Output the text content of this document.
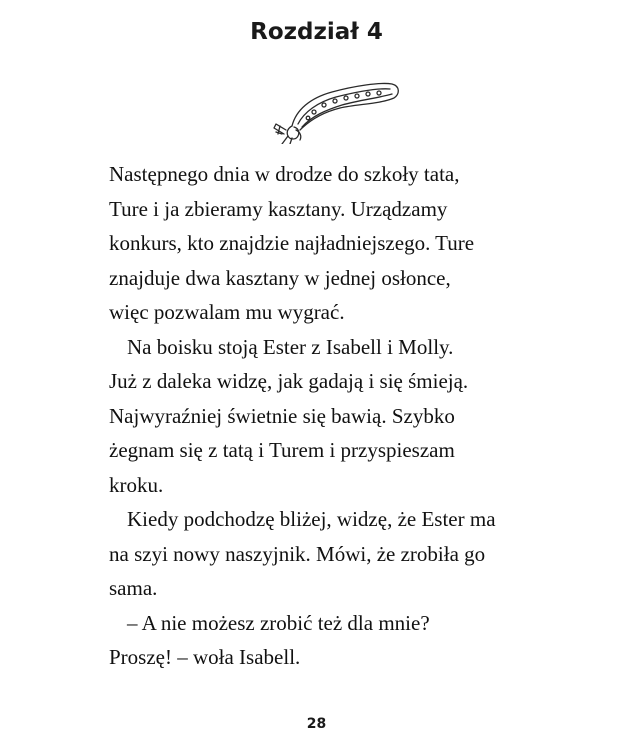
Rozdział 4

Następnego dnia w drodze do szkoły tata,
Ture i ja zbieramy kasztany. Urządzamy
konkurs, kto znajdzie najładniejszego. Ture
znajduje dwa kasztany w jednej osłonce,
więc pozwalam mu wygrać.

Na boisku stoją Ester z Isabell i Molly.
Już z daleka widzę, jak gadają i się śmieją.
Najwyraźniej świetnie się bawią. Szybko
żegnam się z tatą i Turem i przyspieszam
kroku.

Kiedy podchodzę bliżej, widzę, że Ester ma
na szyi nowy naszyjnik. Mówi, że zrobiła go
sama.

– A nie możesz zrobić też dla mnie?
Proszę! – woła Isabell.

28
